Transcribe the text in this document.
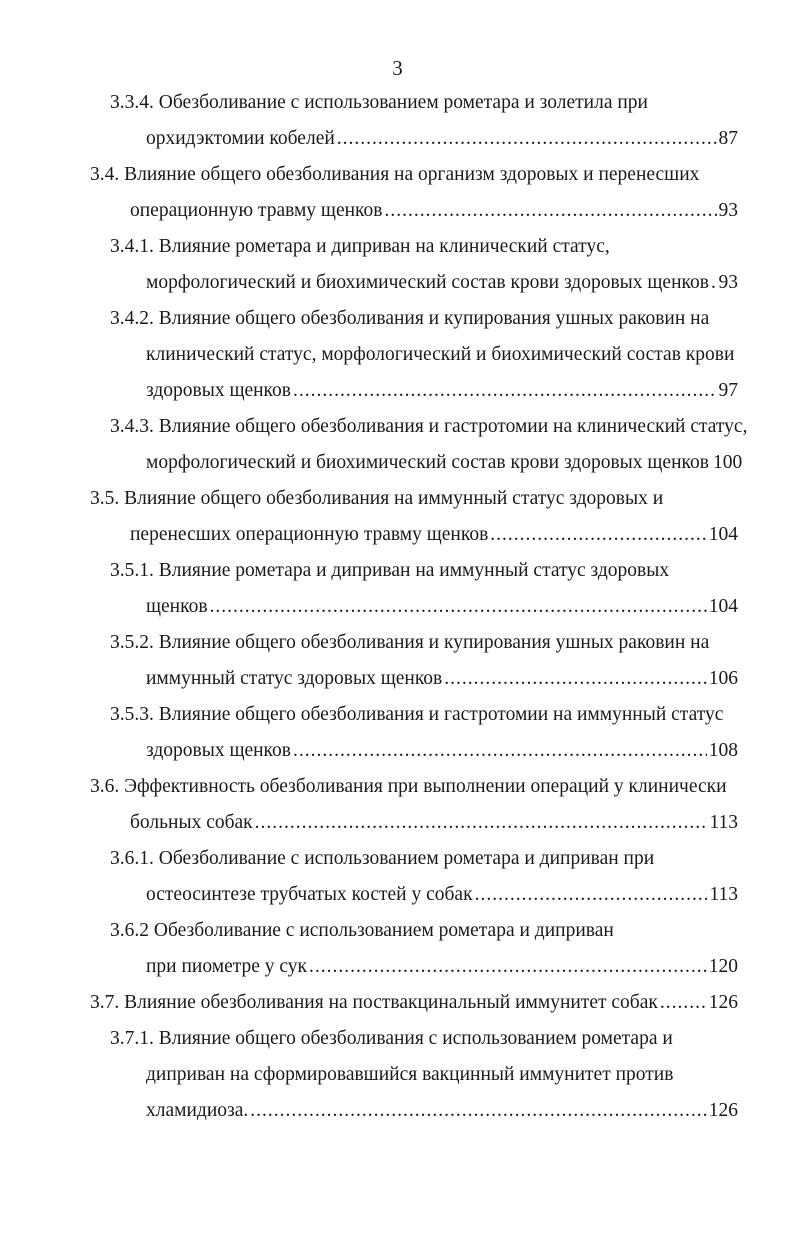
3
3.3.4. Обезболивание с использованием рометара и золетила при
орхидэктомии кобелей .....	87
3.4. Влияние общего обезболивания на организм здоровых и перенесших
операционную травму щенков .....	93
3.4.1. Влияние рометара и диприван на клинический статус,
морфологический и биохимический состав крови здоровых щенков ..... 93
3.4.2. Влияние общего обезболивания и купирования ушных раковин на
клинический статус, морфологический и биохимический состав крови
здоровых щенков .....	97
3.4.3. Влияние общего обезболивания и гастротомии на клинический статус,
морфологический и биохимический состав крови здоровых щенков 100
3.5. Влияние общего обезболивания на иммунный статус здоровых и
перенесших операционную травму щенков .....	104
3.5.1. Влияние рометара и диприван на иммунный статус здоровых
щенков .....	104
3.5.2. Влияние общего обезболивания и купирования ушных раковин на
иммунный статус здоровых щенков .....	106
3.5.3. Влияние общего обезболивания и гастротомии на иммунный статус
здоровых щенков .....	108
3.6. Эффективность обезболивания при выполнении операций у клинически
больных собак .....	113
3.6.1. Обезболивание с использованием рометара и диприван при
остеосинтезе трубчатых костей у собак .....	113
3.6.2 Обезболивание с использованием рометара и диприван
при пиометре у сук .....	120
3.7. Влияние обезболивания на поствакцинальный иммунитет собак .....	126
3.7.1. Влияние общего обезболивания с использованием рометара и
диприван на сформировавшийся вакцинный иммунитет против
хламидиоза. .....	126
